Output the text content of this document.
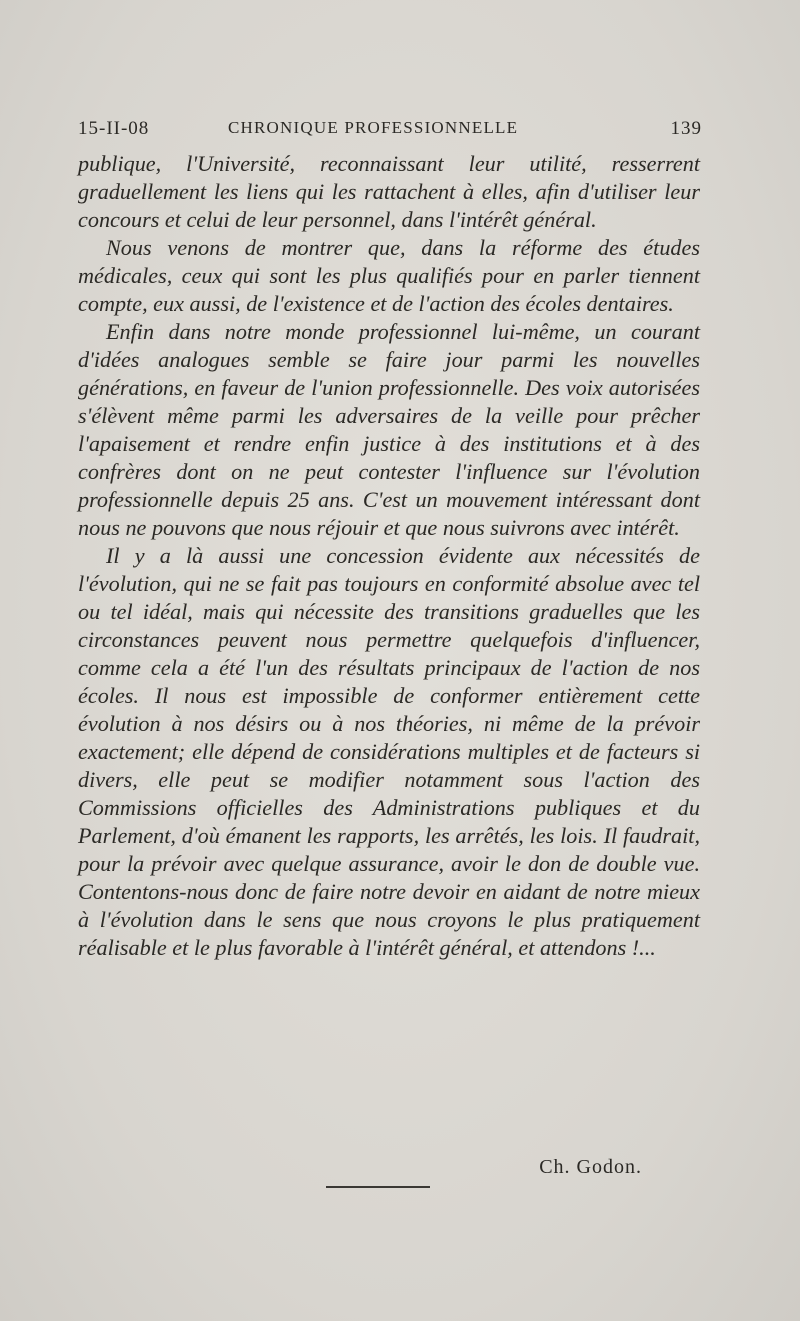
15-II-08	CHRONIQUE PROFESSIONNELLE	139

publique, l'Université, reconnaissant leur utilité, resserrent graduellement les liens qui les rattachent à elles, afin d'utiliser leur concours et celui de leur personnel, dans l'intérêt général.

Nous venons de montrer que, dans la réforme des études médicales, ceux qui sont les plus qualifiés pour en parler tiennent compte, eux aussi, de l'existence et de l'action des écoles dentaires.

Enfin dans notre monde professionnel lui-même, un courant d'idées analogues semble se faire jour parmi les nouvelles générations, en faveur de l'union professionnelle. Des voix autorisées s'élèvent même parmi les adversaires de la veille pour prêcher l'apaisement et rendre enfin justice à des institutions et à des confrères dont on ne peut contester l'influence sur l'évolution professionnelle depuis 25 ans. C'est un mouvement intéressant dont nous ne pouvons que nous réjouir et que nous suivrons avec intérêt.

Il y a là aussi une concession évidente aux nécessités de l'évolution, qui ne se fait pas toujours en conformité absolue avec tel ou tel idéal, mais qui nécessite des transitions graduelles que les circonstances peuvent nous permettre quelquefois d'influencer, comme cela a été l'un des résultats principaux de l'action de nos écoles. Il nous est impossible de conformer entièrement cette évolution à nos désirs ou à nos théories, ni même de la prévoir exactement; elle dépend de considérations multiples et de facteurs si divers, elle peut se modifier notamment sous l'action des Commissions officielles des Administrations publiques et du Parlement, d'où émanent les rapports, les arrêtés, les lois. Il faudrait, pour la prévoir avec quelque assurance, avoir le don de double vue. Contentons-nous donc de faire notre devoir en aidant de notre mieux à l'évolution dans le sens que nous croyons le plus pratiquement réalisable et le plus favorable à l'intérêt général, et attendons !...

Ch. Godon.
